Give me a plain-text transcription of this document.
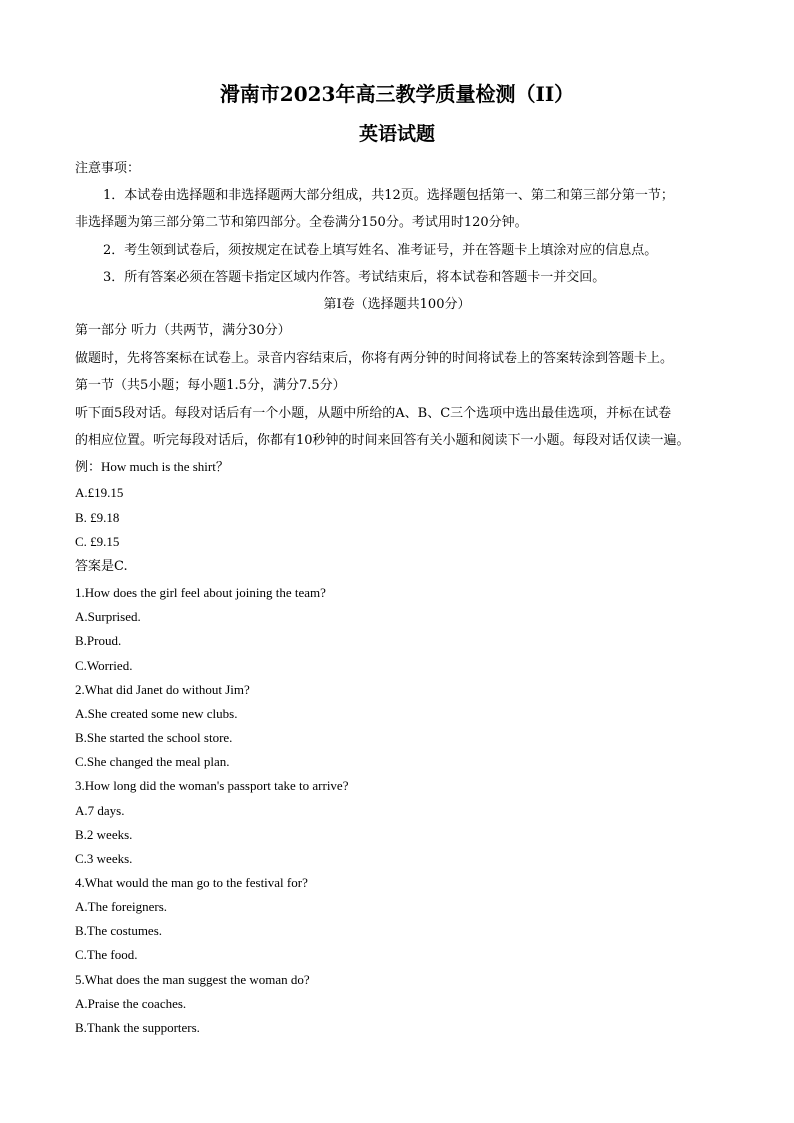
滑南市2023年高三教学质量检测（II）
英语试题
注意事项：
1．本试卷由选择题和非选择题两大部分组成，共12页。选择题包括第一、第二和第三部分第一节；
非选择题为第三部分第二节和第四部分。全卷满分150分。考试用时120分钟。
2．考生领到试卷后，须按规定在试卷上填写姓名、准考证号，并在答题卡上填涂对应的信息点。
3．所有答案必须在答题卡指定区域内作答。考试结束后，将本试卷和答题卡一并交回。
第I卷（选择题共100分）
第一部分 听力（共两节，满分30分）
做题时，先将答案标在试卷上。录音内容结束后，你将有两分钟的时间将试卷上的答案转涂到答题卡上。
第一节（共5小题；每小题1.5分，满分7.5分）
听下面5段对话。每段对话后有一个小题，从题中所给的A、B、C三个选项中选出最佳选项，并标在试卷
的相应位置。听完每段对话后，你都有10秒钟的时间来回答有关小题和阅读下一小题。每段对话仅读一遍。
例：How much is the shirt？
A.£19.15
B. £9.18
C. £9.15
答案是C.
1.How does the girl feel about joining the team?
A.Surprised.
B.Proud.
C.Worried.
2.What did Janet do without Jim?
A.She created some new clubs.
B.She started the school store.
C.She changed the meal plan.
3.How long did the woman's passport take to arrive?
A.7 days.
B.2 weeks.
C.3 weeks.
4.What would the man go to the festival for?
A.The foreigners.
B.The costumes.
C.The food.
5.What does the man suggest the woman do?
A.Praise the coaches.
B.Thank the supporters.
